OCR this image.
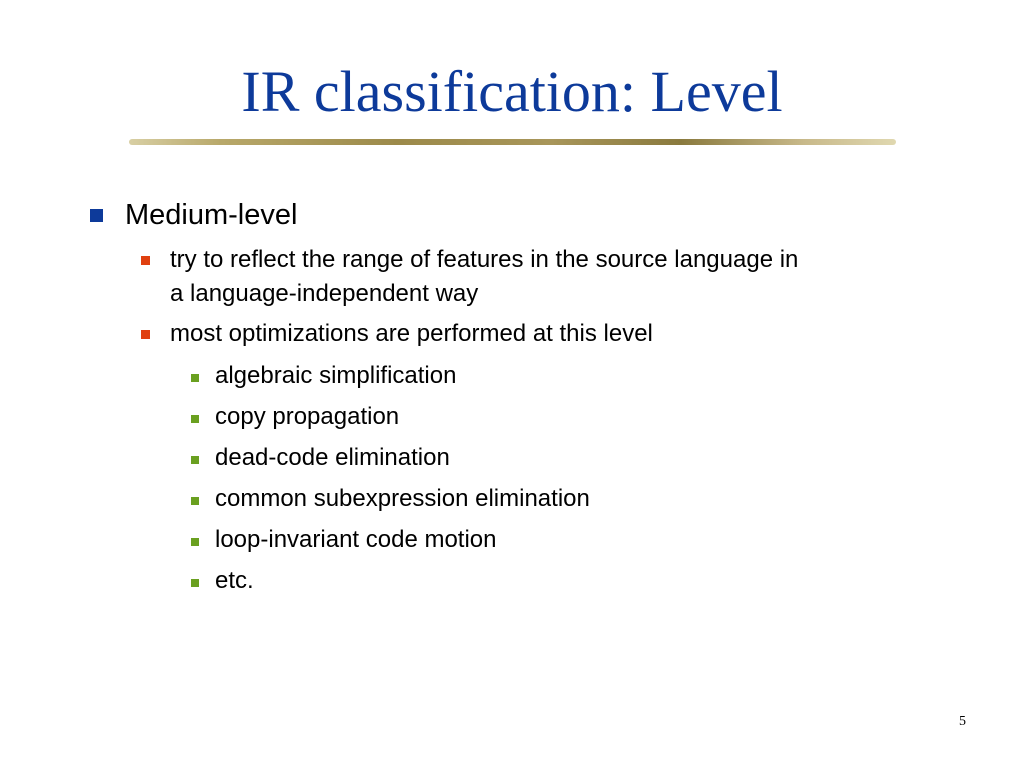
IR classification: Level
Medium-level
try to reflect the range of features in the source language in
a language-independent way
most optimizations are performed at this level
algebraic simplification
copy propagation
dead-code elimination
common subexpression elimination
loop-invariant code motion
etc.
5
